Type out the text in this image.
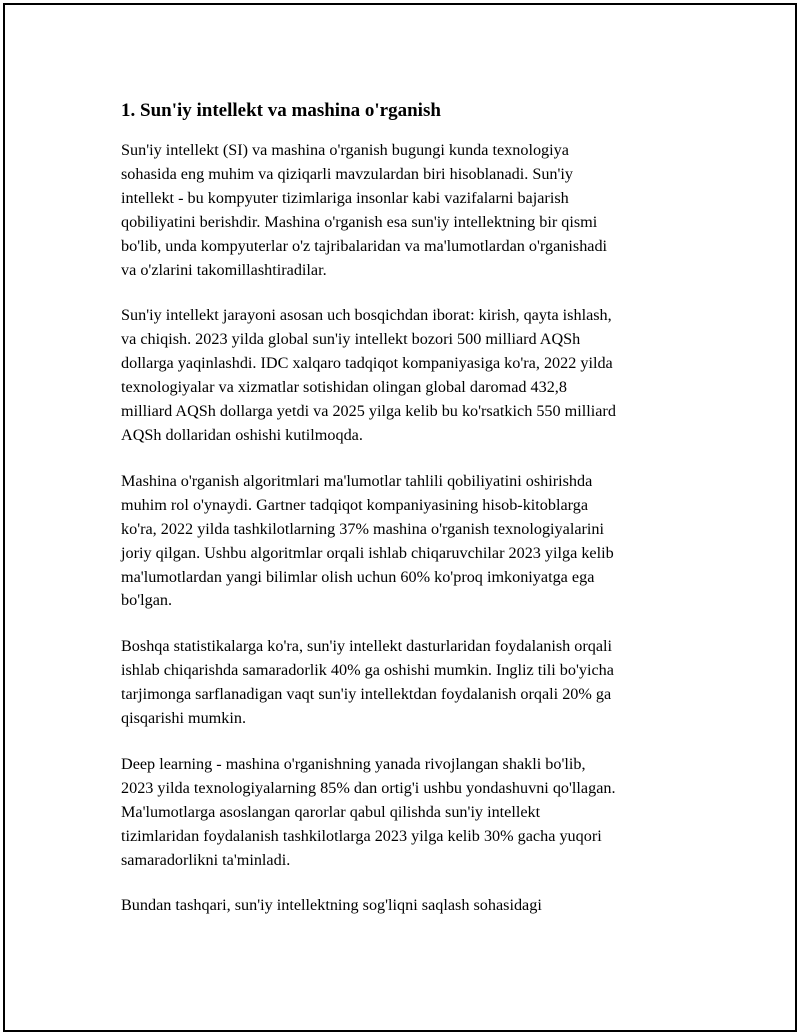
1. Sun'iy intellekt va mashina o'rganish

Sun'iy intellekt (SI) va mashina o'rganish bugungi kunda texnologiya
sohasida eng muhim va qiziqarli mavzulardan biri hisoblanadi. Sun'iy
intellekt - bu kompyuter tizimlariga insonlar kabi vazifalarni bajarish
qobiliyatini berishdir. Mashina o'rganish esa sun'iy intellektning bir qismi
bo'lib, unda kompyuterlar o'z tajribalaridan va ma'lumotlardan o'rganishadi
va o'zlarini takomillashtiradilar.

Sun'iy intellekt jarayoni asosan uch bosqichdan iborat: kirish, qayta ishlash,
va chiqish. 2023 yilda global sun'iy intellekt bozori 500 milliard AQSh
dollarga yaqinlashdi. IDC xalqaro tadqiqot kompaniyasiga ko'ra, 2022 yilda
texnologiyalar va xizmatlar sotishidan olingan global daromad 432,8
milliard AQSh dollarga yetdi va 2025 yilga kelib bu ko'rsatkich 550 milliard
AQSh dollaridan oshishi kutilmoqda.

Mashina o'rganish algoritmlari ma'lumotlar tahlili qobiliyatini oshirishda
muhim rol o'ynaydi. Gartner tadqiqot kompaniyasining hisob-kitoblarga
ko'ra, 2022 yilda tashkilotlarning 37% mashina o'rganish texnologiyalarini
joriy qilgan. Ushbu algoritmlar orqali ishlab chiqaruvchilar 2023 yilga kelib
ma'lumotlardan yangi bilimlar olish uchun 60% ko'proq imkoniyatga ega
bo'lgan.

Boshqa statistikalarga ko'ra, sun'iy intellekt dasturlaridan foydalanish orqali
ishlab chiqarishda samaradorlik 40% ga oshishi mumkin. Ingliz tili bo'yicha
tarjimonga sarflanadigan vaqt sun'iy intellektdan foydalanish orqali 20% ga
qisqarishi mumkin.

Deep learning - mashina o'rganishning yanada rivojlangan shakli bo'lib,
2023 yilda texnologiyalarning 85% dan ortig'i ushbu yondashuvni qo'llagan.
Ma'lumotlarga asoslangan qarorlar qabul qilishda sun'iy intellekt
tizimlaridan foydalanish tashkilotlarga 2023 yilga kelib 30% gacha yuqori
samaradorlikni ta'minladi.

Bundan tashqari, sun'iy intellektning sog'liqni saqlash sohasidagi
